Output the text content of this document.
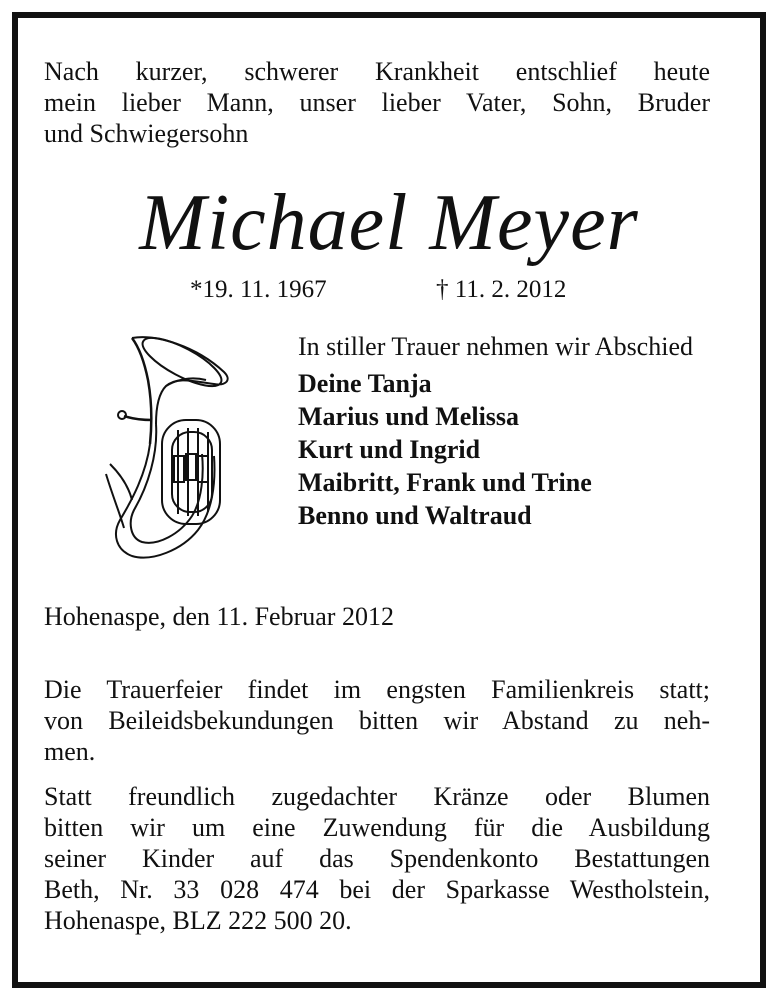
Nach kurzer, schwerer Krankheit entschlief heute
mein lieber Mann, unser lieber Vater, Sohn, Bruder
und Schwiegersohn
Michael Meyer
*19. 11. 1967	† 11. 2. 2012

In stiller Trauer nehmen wir Abschied

Deine Tanja
Marius und Melissa
Kurt und Ingrid
Maibritt, Frank und Trine
Benno und Waltraud
Hohenaspe, den 11. Februar 2012
Die Trauerfeier findet im engsten Familienkreis statt;
von Beileidsbekundungen bitten wir Abstand zu neh-
men.
Statt freundlich zugedachter Kränze oder Blumen
bitten wir um eine Zuwendung für die Ausbildung
seiner Kinder auf das Spendenkonto Bestattungen
Beth, Nr. 33 028 474 bei der Sparkasse Westholstein,
Hohenaspe, BLZ 222 500 20.
